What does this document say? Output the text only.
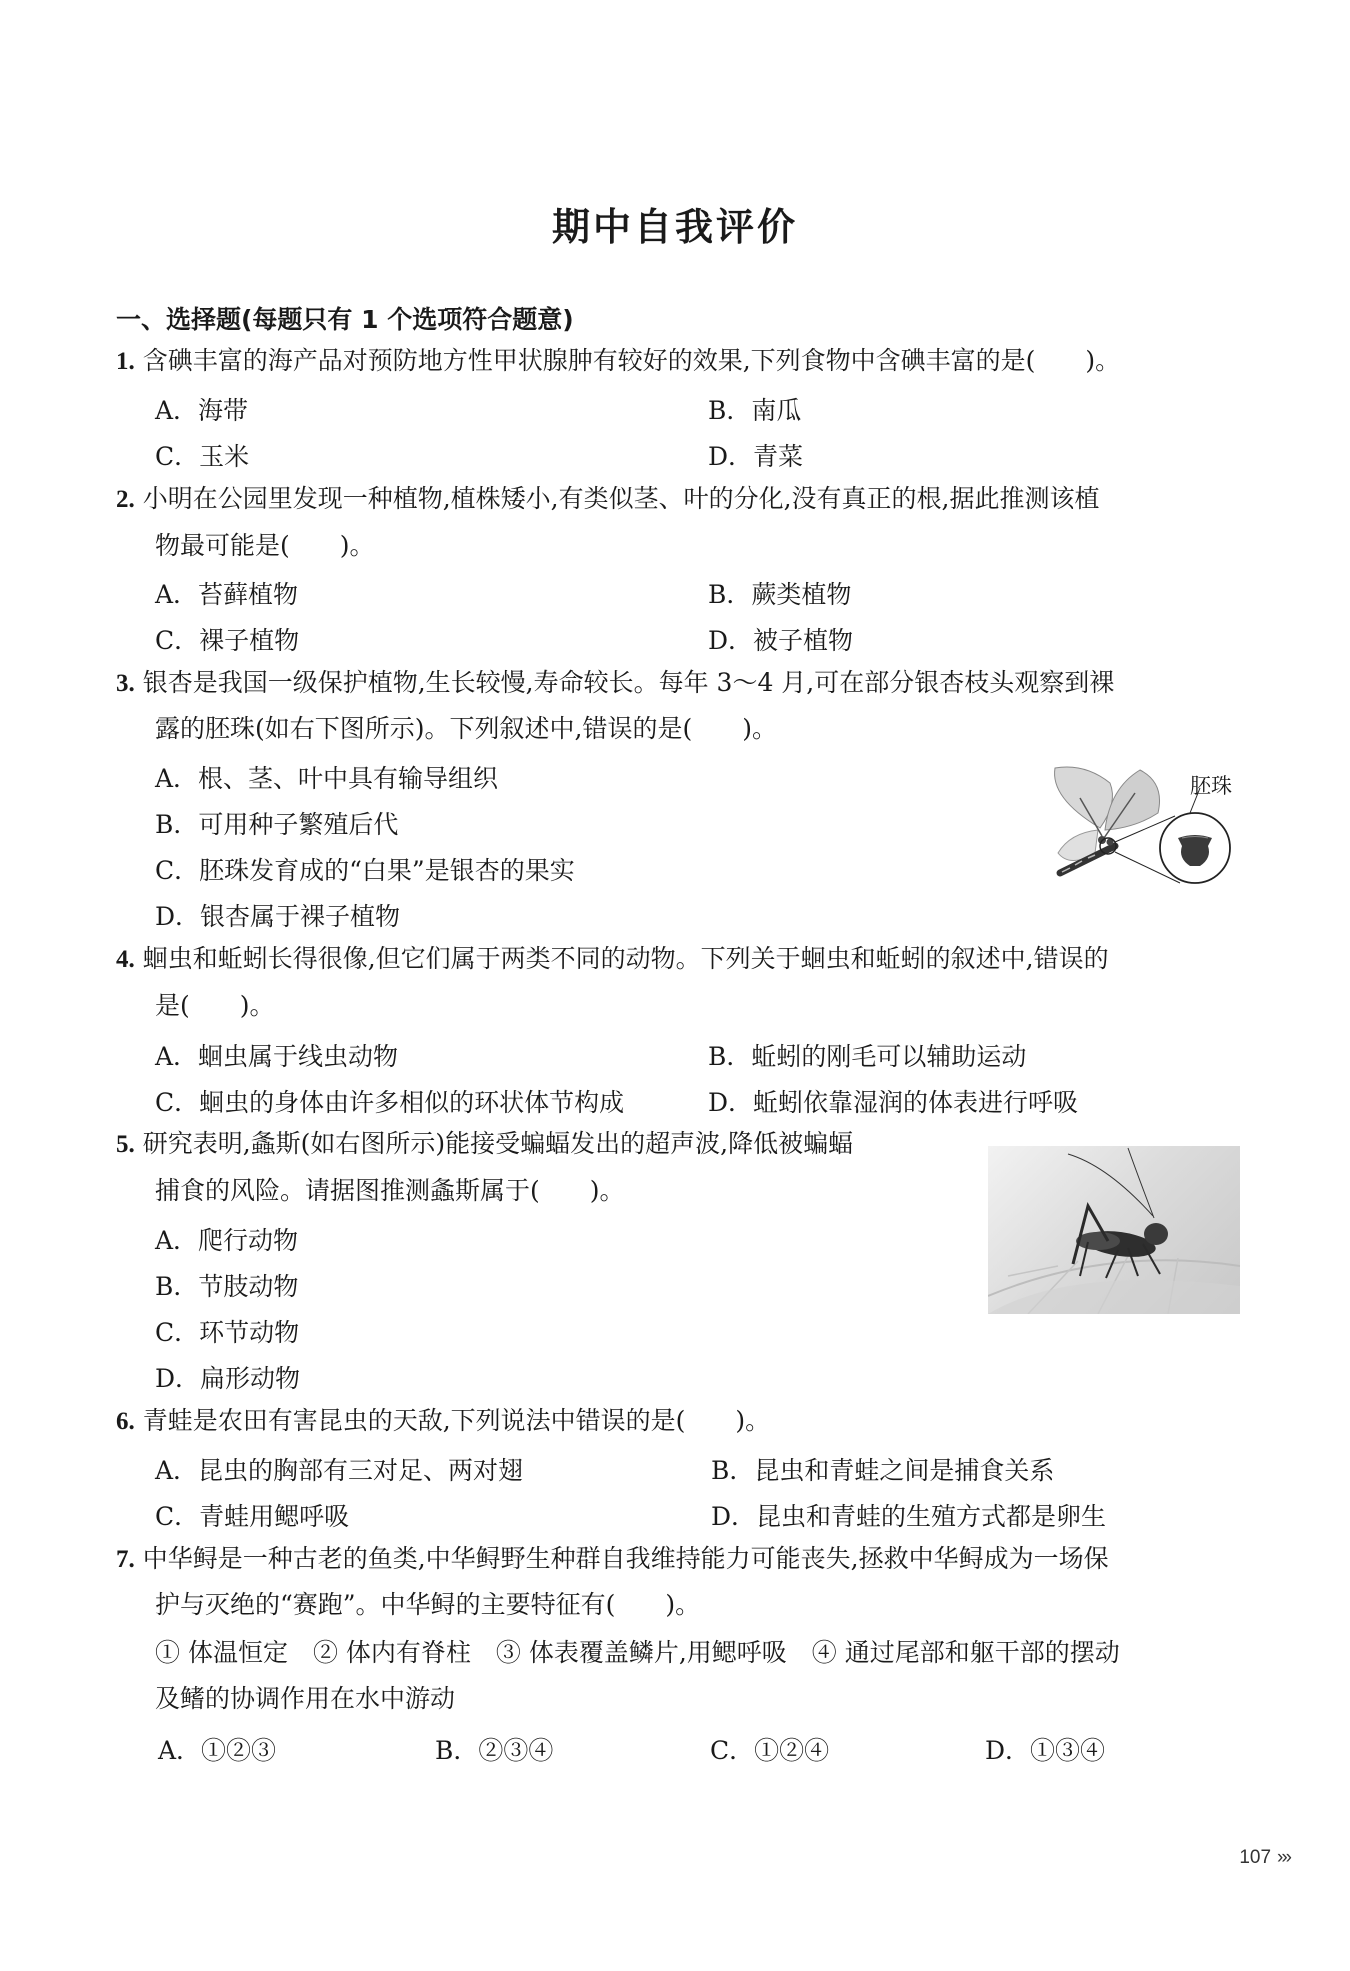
期中自我评价
一、选择题(每题只有 1 个选项符合题意)
1. 含碘丰富的海产品对预防地方性甲状腺肿有较好的效果,下列食物中含碘丰富的是(　　)。
A．海带	B．南瓜
C．玉米	D．青菜
2. 小明在公园里发现一种植物,植株矮小,有类似茎、叶的分化,没有真正的根,据此推测该植
物最可能是(　　)。
A．苔藓植物	B．蕨类植物
C．裸子植物	D．被子植物
3. 银杏是我国一级保护植物,生长较慢,寿命较长。每年 3～4 月,可在部分银杏枝头观察到裸
露的胚珠(如右下图所示)。下列叙述中,错误的是(　　)。
A．根、茎、叶中具有输导组织
B．可用种子繁殖后代
C．胚珠发育成的“白果”是银杏的果实
D．银杏属于裸子植物
胚珠
4. 蛔虫和蚯蚓长得很像,但它们属于两类不同的动物。下列关于蛔虫和蚯蚓的叙述中,错误的
是(　　)。
A．蛔虫属于线虫动物	B．蚯蚓的刚毛可以辅助运动
C．蛔虫的身体由许多相似的环状体节构成	D．蚯蚓依靠湿润的体表进行呼吸
5. 研究表明,螽斯(如右图所示)能接受蝙蝠发出的超声波,降低被蝙蝠
捕食的风险。请据图推测螽斯属于(　　)。
A．爬行动物
B．节肢动物
C．环节动物
D．扁形动物
6. 青蛙是农田有害昆虫的天敌,下列说法中错误的是(　　)。
A．昆虫的胸部有三对足、两对翅	B．昆虫和青蛙之间是捕食关系
C．青蛙用鳃呼吸	D．昆虫和青蛙的生殖方式都是卵生
7. 中华鲟是一种古老的鱼类,中华鲟野生种群自我维持能力可能丧失,拯救中华鲟成为一场保
护与灭绝的“赛跑”。中华鲟的主要特征有(　　)。
① 体温恒定　② 体内有脊柱　③ 体表覆盖鳞片,用鳃呼吸　④ 通过尾部和躯干部的摆动
及鳍的协调作用在水中游动
A．①②③	B．②③④	C．①②④	D．①③④
107 ›››
